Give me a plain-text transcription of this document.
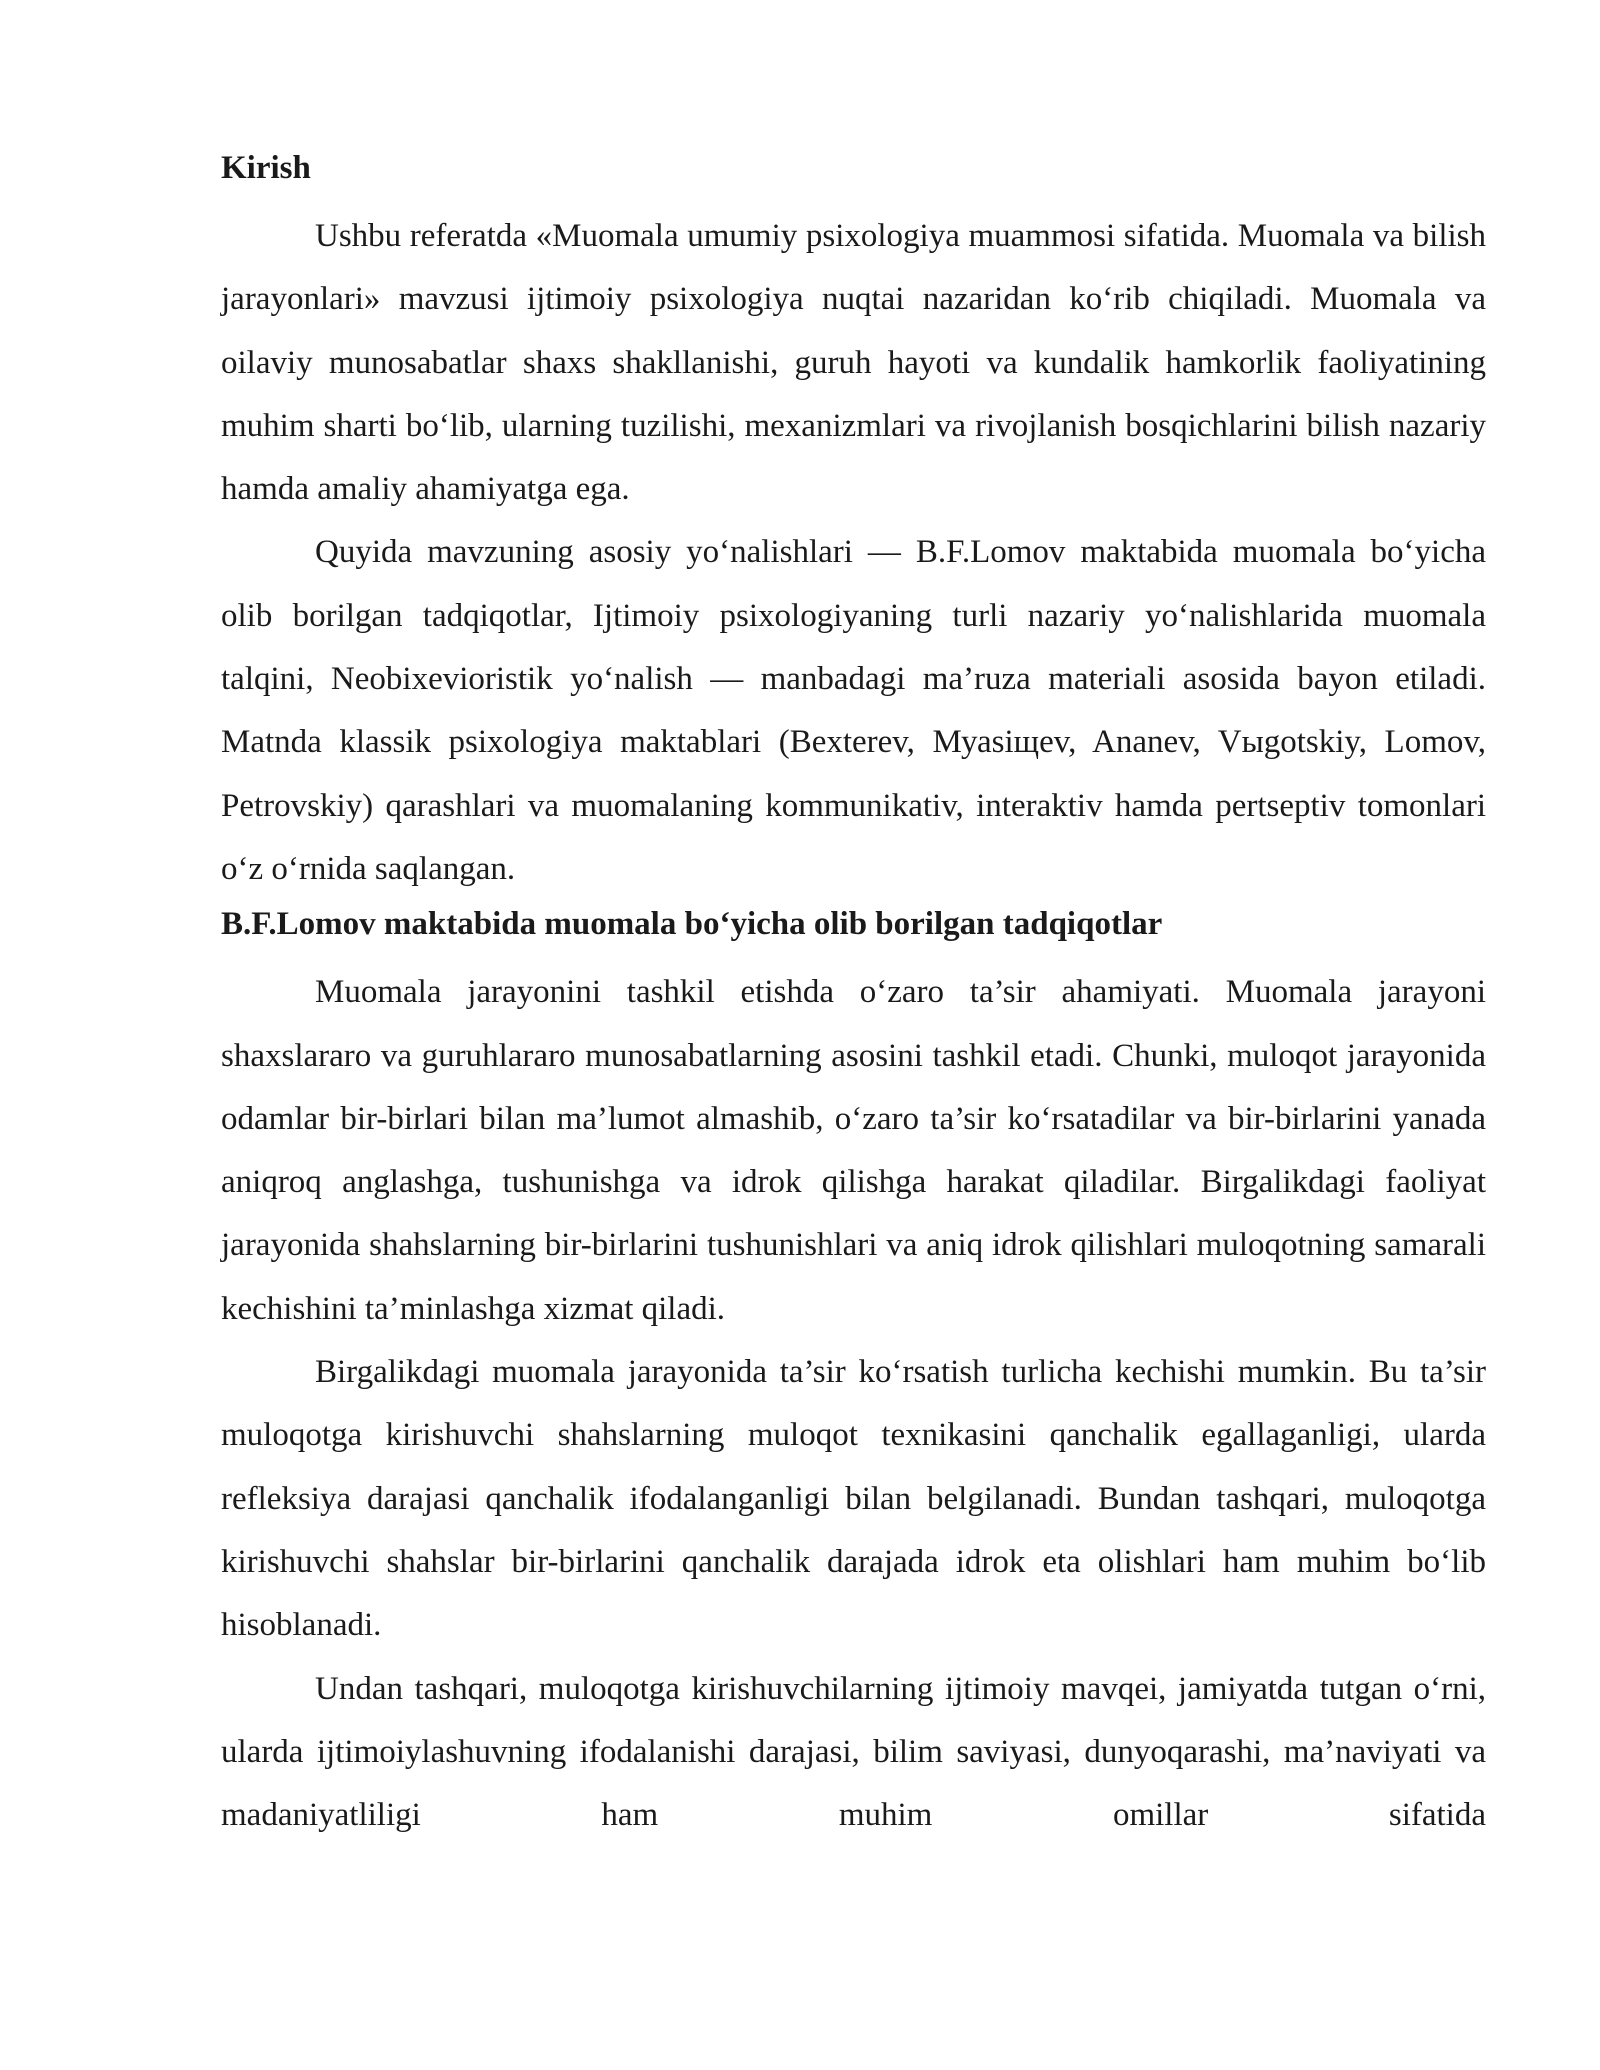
Kirish

Ushbu referatda «Muomala umumiy psixologiya muammosi sifatida. Muomala va bilish jarayonlari» mavzusi ijtimoiy psixologiya nuqtai nazaridan ko‘rib chiqiladi. Muomala va oilaviy munosabatlar shaxs shakllanishi, guruh hayoti va kundalik hamkorlik faoliyatining muhim sharti bo‘lib, ularning tuzilishi, mexanizmlari va rivojlanish bosqichlarini bilish nazariy hamda amaliy ahamiyatga ega.

Quyida mavzuning asosiy yo‘nalishlari — B.F.Lomov maktabida muomala bo‘yicha olib borilgan tadqiqotlar, Ijtimoiy psixologiyaning turli nazariy yo‘nalishlarida muomala talqini, Neobixevioristik yo‘nalish — manbadagi ma’ruza materiali asosida bayon etiladi. Matnda klassik psixologiya maktablari (Bexterev, Муаsiщеv, Ananev, Vыgotskiy, Lomov, Petrovskiy) qarashlari va muomalaning kommunikativ, interaktiv hamda pertseptiv tomonlari o‘z o‘rnida saqlangan.

B.F.Lomov maktabida muomala bo‘yicha olib borilgan tadqiqotlar

Muomala jarayonini tashkil etishda o‘zaro ta’sir ahamiyati. Muomala jarayoni shaxslararo va guruhlararo munosabatlarning asosini tashkil etadi. Chunki, muloqot jarayonida odamlar bir-birlari bilan ma’lumot almashib, o‘zaro ta’sir ko‘rsatadilar va bir-birlarini yanada aniqroq anglashga, tushunishga va idrok qilishga harakat qiladilar. Birgalikdagi faoliyat jarayonida shahslarning bir-birlarini tushunishlari va aniq idrok qilishlari muloqotning samarali kechishini ta’minlashga xizmat qiladi.

Birgalikdagi muomala jarayonida ta’sir ko‘rsatish turlicha kechishi mumkin. Bu ta’sir muloqotga kirishuvchi shahslarning muloqot texnikasini qanchalik egallaganligi, ularda refleksiya darajasi qanchalik ifodalanganligi bilan belgilanadi. Bundan tashqari, muloqotga kirishuvchi shahslar bir-birlarini qanchalik darajada idrok eta olishlari ham muhim bo‘lib hisoblanadi.

Undan tashqari, muloqotga kirishuvchilarning ijtimoiy mavqei, jamiyatda tutgan o‘rni, ularda ijtimoiylashuvning ifodalanishi darajasi, bilim saviyasi, dunyoqarashi, ma’naviyati va madaniyatliligi ham muhim omillar sifatida
